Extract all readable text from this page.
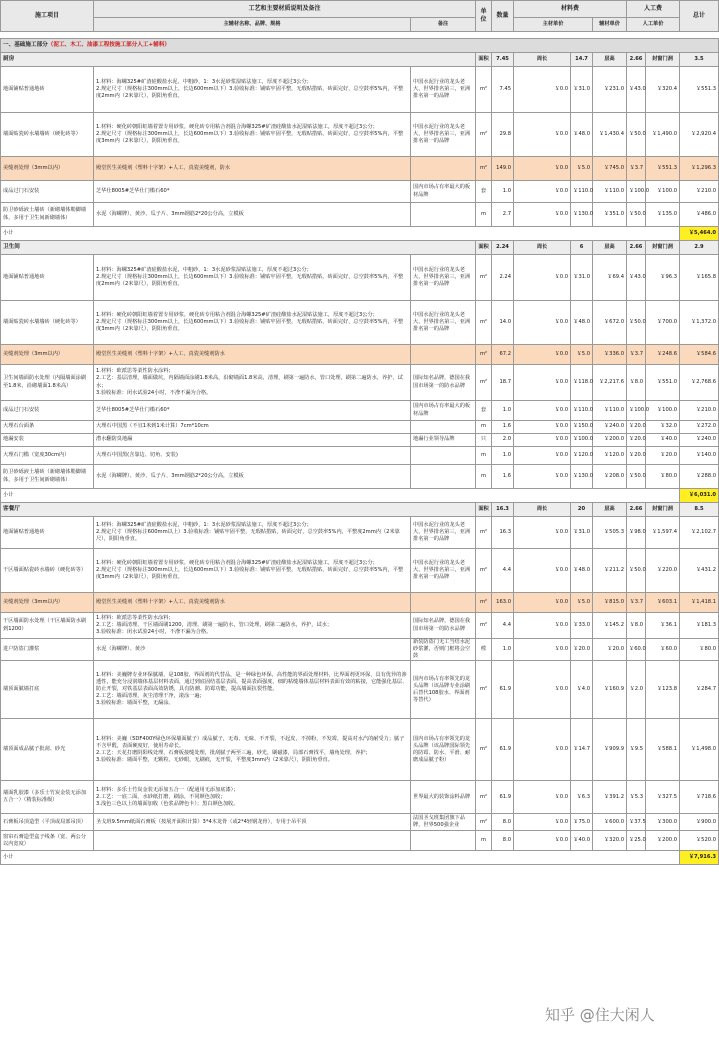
施工项目	工艺和主要材质说明及备注		单位	数量	材料费			人工费		总计
	主辅材名称、品牌、规格	备注			主材单价		辅材单价	人工单价		

一、基础施工部分（泥工、木工、油漆工程按施工部分人工+辅料）										
厨房			面积	7.45	周长	14.7	层高	2.66	封窗门洞	3.5
地面铺贴普通地砖	1.材料：海螺325#矿渣硅酸盐水泥，中粗砂，1：3水泥砂浆湿贴法施工，厚度不超过3公分；
2.规定尺寸（规格标注300mm以上，长边600mm以下）3.验收标准：铺贴牢固平整，无瑕贴措贴，砖面完好，总空鼓率5%内，平整度2mm内（2米靠尺），阴阳角垂直。	中国水泥行业的龙头老大，世界排名第三，亚洲排名第一的品牌	m²	7.45	￥0.0	￥31.0	￥231.0	￥43.0	￥320.4	￥551.3
墙面贴瓷砖水墙墙砖（硬化砖等）	1.材料：硬化砖朝阳虹墙着置专用砂浆，硬化砖专用粘合剂混合海螺325#矿渣硅酸盐水泥湿贴法施工，厚度不超过3公分；
2.规定尺寸（规格标注300mm以上，长边600mm以下）3.验收标准：铺贴牢固平整，无瑕贴措贴，砖面完好，总空鼓率5%内，平整度3mm内（2米靠尺），阴阳角垂直。	中国水泥行业的龙头老大，世界排名第三，亚洲排名第一的品牌	m²	29.8	￥0.0	￥48.0	￥1,430.4	￥50.0	￥1,490.0	￥2,920.4
美缝剂处理（3mm以内）	殿堂医生美缝剂（塑料十字架）+人工，真瓷美缝剂，防水		m²	149.0	￥0.0	￥5.0	￥745.0	￥3.7	￥551.3	￥1,296.3
成品过门石安装	芝华仕8005#芝华仕门槛石60*	国内市场占有率最大的板材品牌	套	1.0	￥0.0	￥110.0	￥110.0	￥100.0	￥100.0	￥210.0
防卫砂砾液土墙砖（新砌墙体勒脚墙体，多用于卫生间新砌墙体）	水泥（海螺牌）、黄沙、瓜子片、3mm钢筋2*20公分高，立模板		m	2.7	￥0.0	￥130.0	￥351.0	￥50.0	￥135.0	￥486.0
小计										￥5,464.0
卫生间			面积	2.24	周长	6	层高	2.66	封窗门洞	2.9
地面铺贴普通地砖	1.材料：海螺325#矿渣硅酸盐水泥，中粗砂，1：3水泥砂浆湿贴法施工，厚度不超过3公分；
2.规定尺寸（规格标注300mm以上，长边600mm以下）3.验收标准：铺贴牢固平整，无瑕贴措贴，砖面完好，总空鼓率5%内，平整度2mm内（2米靠尺），阴阳角垂直。	中国水泥行业的龙头老大，世界排名第三，亚洲排名第一的品牌	m²	2.24	￥0.0	￥31.0	￥69.4	￥43.0	￥96.3	￥165.8
墙面贴瓷砖水墙墙砖（硬化砖等）	1.材料：硬化砖朝阳虹墙着置专用砂浆，硬化砖专用粘合剂混合海螺325#矿渣硅酸盐水泥湿贴法施工，厚度不超过3公分；
2.规定尺寸（规格标注300mm以上，长边600mm以下）3.验收标准：铺贴牢固平整，无瑕贴措贴，砖面完好，总空鼓率5%内，平整度3mm内（2米靠尺），阴阳角垂直。	中国水泥行业的龙头老大，世界排名第三，亚洲排名第一的品牌	m²	14.0	￥0.0	￥48.0	￥672.0	￥50.0	￥700.0	￥1,372.0
美缝剂处理（3mm以内）	殿堂医生美缝剂（塑料十字架）+人工，真瓷美缝剂防水		m²	67.2	￥0.0	￥5.0	￥336.0	￥3.7	￥248.6	￥584.6
卫生间墙面防水处理（内隔墙面涂刷至1.8米，沿砌墙面1.8米高）	1.材料：欧派思等柔性防水涂料；
2.工艺：基层清理，墙面做坑，内隔墙面涂刷1.8米高，沿砌墙面1.8米高，清理，刷第一遍防水，管口处理，刷第二遍防水，养护，试水；
3.验收标准：闭水试验24小时，不滲不漏为合格。	国际知名品牌，德国在我国市场第一的防水品牌	m²	18.7	￥0.0	￥118.0	￥2,217.6	￥8.0	￥551.0	￥2,768.6
成品过门石安装	芝华仕8005#芝华仕门槛石60*	国内市场占有率最大的板材品牌	套	1.0	￥0.0	￥110.0	￥110.0	￥100.0	￥100.0	￥210.0
大理石台面条	大理石中国黑（不宜1米到1米计算）7cm*10cm		m	1.6	￥0.0	￥150.0	￥240.0	￥20.0	￥32.0	￥272.0
地漏安装	潜水翻防臭地漏	地漏行业领导品牌	只	2.0	￥0.0	￥100.0	￥200.0	￥20.0	￥40.0	￥240.0
大理石门槛（宽度30cm内）	大理石中国黑(含靠边、切角、安装)		m	1.0	￥0.0	￥120.0	￥120.0	￥20.0	￥20.0	￥140.0
防卫砂砾液土墙砖（新砌墙体勒脚墙体，多用于卫生间新砌墙体）	水泥（海螺牌）、黄沙、瓜子片、3mm钢筋2*20公分高，立模板		m	1.6	￥0.0	￥130.0	￥208.0	￥50.0	￥80.0	￥288.0
小计										￥6,031.0
客餐厅			面积	16.3	周长	20	层高	2.66	封窗门洞	8.5
地面铺贴普通地砖	1.材料：海螺325#矿渣硅酸盐水泥，中粗砂，1：3水泥砂浆湿贴法施工，厚度不超过3公分；
2.规定尺寸（规格标注600mm以上）3.验收标准：铺贴牢固平整，无瑕贴措贴，砖面完好，总空鼓率5%内，平整度2mm内（2米靠尺），阴阳角垂直。	中国水泥行业的龙头老大，世界排名第三，亚洲排名第一的品牌	m²	16.3	￥0.0	￥31.0	￥505.3	￥98.0	￥1,597.4	￥2,102.7
干区墙面贴瓷砖水墙砖（硬化砖等）	1.材料：硬化砖朝阳虹墙着置专用砂浆，硬化砖专用粘合剂混合海螺325#矿渣硅酸盐水泥湿贴法施工，厚度不超过3公分；
2.规定尺寸（规格标注300mm以上，长边600mm以下）3.验收标准：铺贴牢固平整，无瑕贴措贴，砖面完好，总空鼓率5%内，平整度3mm内（2米靠尺），阴阳角垂直。	中国水泥行业的龙头老大，世界排名第三，亚洲排名第一的品牌	m²	4.4	￥0.0	￥48.0	￥211.2	￥50.0	￥220.0	￥431.2
美缝剂处理（3mm以内）	殿堂医生美缝剂（塑料十字架）+人工，真瓷美缝剂防水		m²	163.0	￥0.0	￥5.0	￥815.0	￥3.7	￥603.1	￥1,418.1
干区墙面防水处理（干区墙面防水刷到1200）	1.材料：欧派思等柔性防水涂料；
2.工艺：墙面清理，干区墙面刷1200，清理，刷第一遍防水，管口处理，刷第二遍防水，养护，试水；
3.验收标准：闭水试验24小时，不滲不漏为合格。	国际知名品牌，德国在我国市场第一的防水品牌	m²	4.4	￥0.0	￥33.0	￥145.2	￥8.0	￥36.1	￥181.3
进户防盗门灌浆	水泥（海螺牌）、黄沙	新装防盗门无工当结水泥砂浆灌，否则门框将会空鼓	樘	1.0	￥0.0	￥20.0	￥20.0	￥60.0	￥60.0	￥80.0
墙顶面腻墙打底	1.材料：美巍牌专业环保腻墙，是108胶、界面剂的代替品，是一种绿色环保，高性能的界面处理材料，比界面剂更环保，具有优异的渗透性，能充分浸润墙体基层材料表面，通过到底固结基层表面，提高表面强度，细的粘缝墙体基层材料表面有效的粘接，它能强化基层、防止开裂，对铁基层表面高效防锈，具有防潮、防霉功能，提高墙面抗裂性能。
2.工艺：墙面清理，灰尘清理干净，滚涂一遍；
3.验收标准：墙面平整，无漏涂。	国内市场占有率领先的龙头品牌（该品牌专业涂刷后替代108胶水、界面剂等替代）	m²	61.9	￥0.0	￥4.0	￥160.9	￥2.0	￥123.8	￥284.7
墙顶面成品腻子批刮、砂光	1.材料：美巍（5DF400Y绿色环保墙面腻子）成品腻子，无毒、无味、不开裂，不起皮，不掉粉，不发霉，提高对水汽的耐受力；腻子不含甲醛，表面硬度好，使用寿命长。
2.工艺：天花打磨阴阳线处理，石膏板接缝处理，批刮腻子两至三遍，砂光，刷磁漆，局部石膏找平，墙角处理，养护；
3.验收标准：墙面平整，无颗粒，无砂眼，无刷痕，无开裂，平整度3mm内（2米靠尺），阴阳角垂直。	国内市场占有率领先的龙头品牌（该品牌国际领先的防霉、防水、平滑、耐磨成品腻子粉）	m²	61.9	￥0.0	￥14.7	￥909.9	￥9.5	￥588.1	￥1,498.0
墙面乳胶漆（多乐士竹炭金装无添加五合一）（精装标准级）	1.材料：多乐士竹炭金装无添加五合一（配通用无添加底漆）；
2.工艺：一底二面，水砂纸打磨，刷涂，不同颜色加收；
3.浅色三色以上的墙面加收（色浆品牌色卡）；黑白颜色加收。	世界最大的装饰涂料品牌	m²	61.9	￥0.0	￥6.3	￥391.2	￥5.3	￥327.5	￥718.6
石膏板吊顶造型（平顶或局部吊顶）	圣戈班9.5mm纸面石膏板（按展开面积计算）3*4木龙骨（或2*4轻钢龙骨），专用于吊平顶	法国圣戈班集团旗下品牌，世界500强企业	m²	8.0	￥0.0	￥75.0	￥600.0	￥37.5	￥300.0	￥900.0
窗帘石膏造型盒子线条（宽、两公分以内宽度）			m	8.0	￥0.0	￥40.0	￥320.0	￥25.0	￥200.0	￥520.0
小计										￥7,916.3
知乎 @住大闲人
